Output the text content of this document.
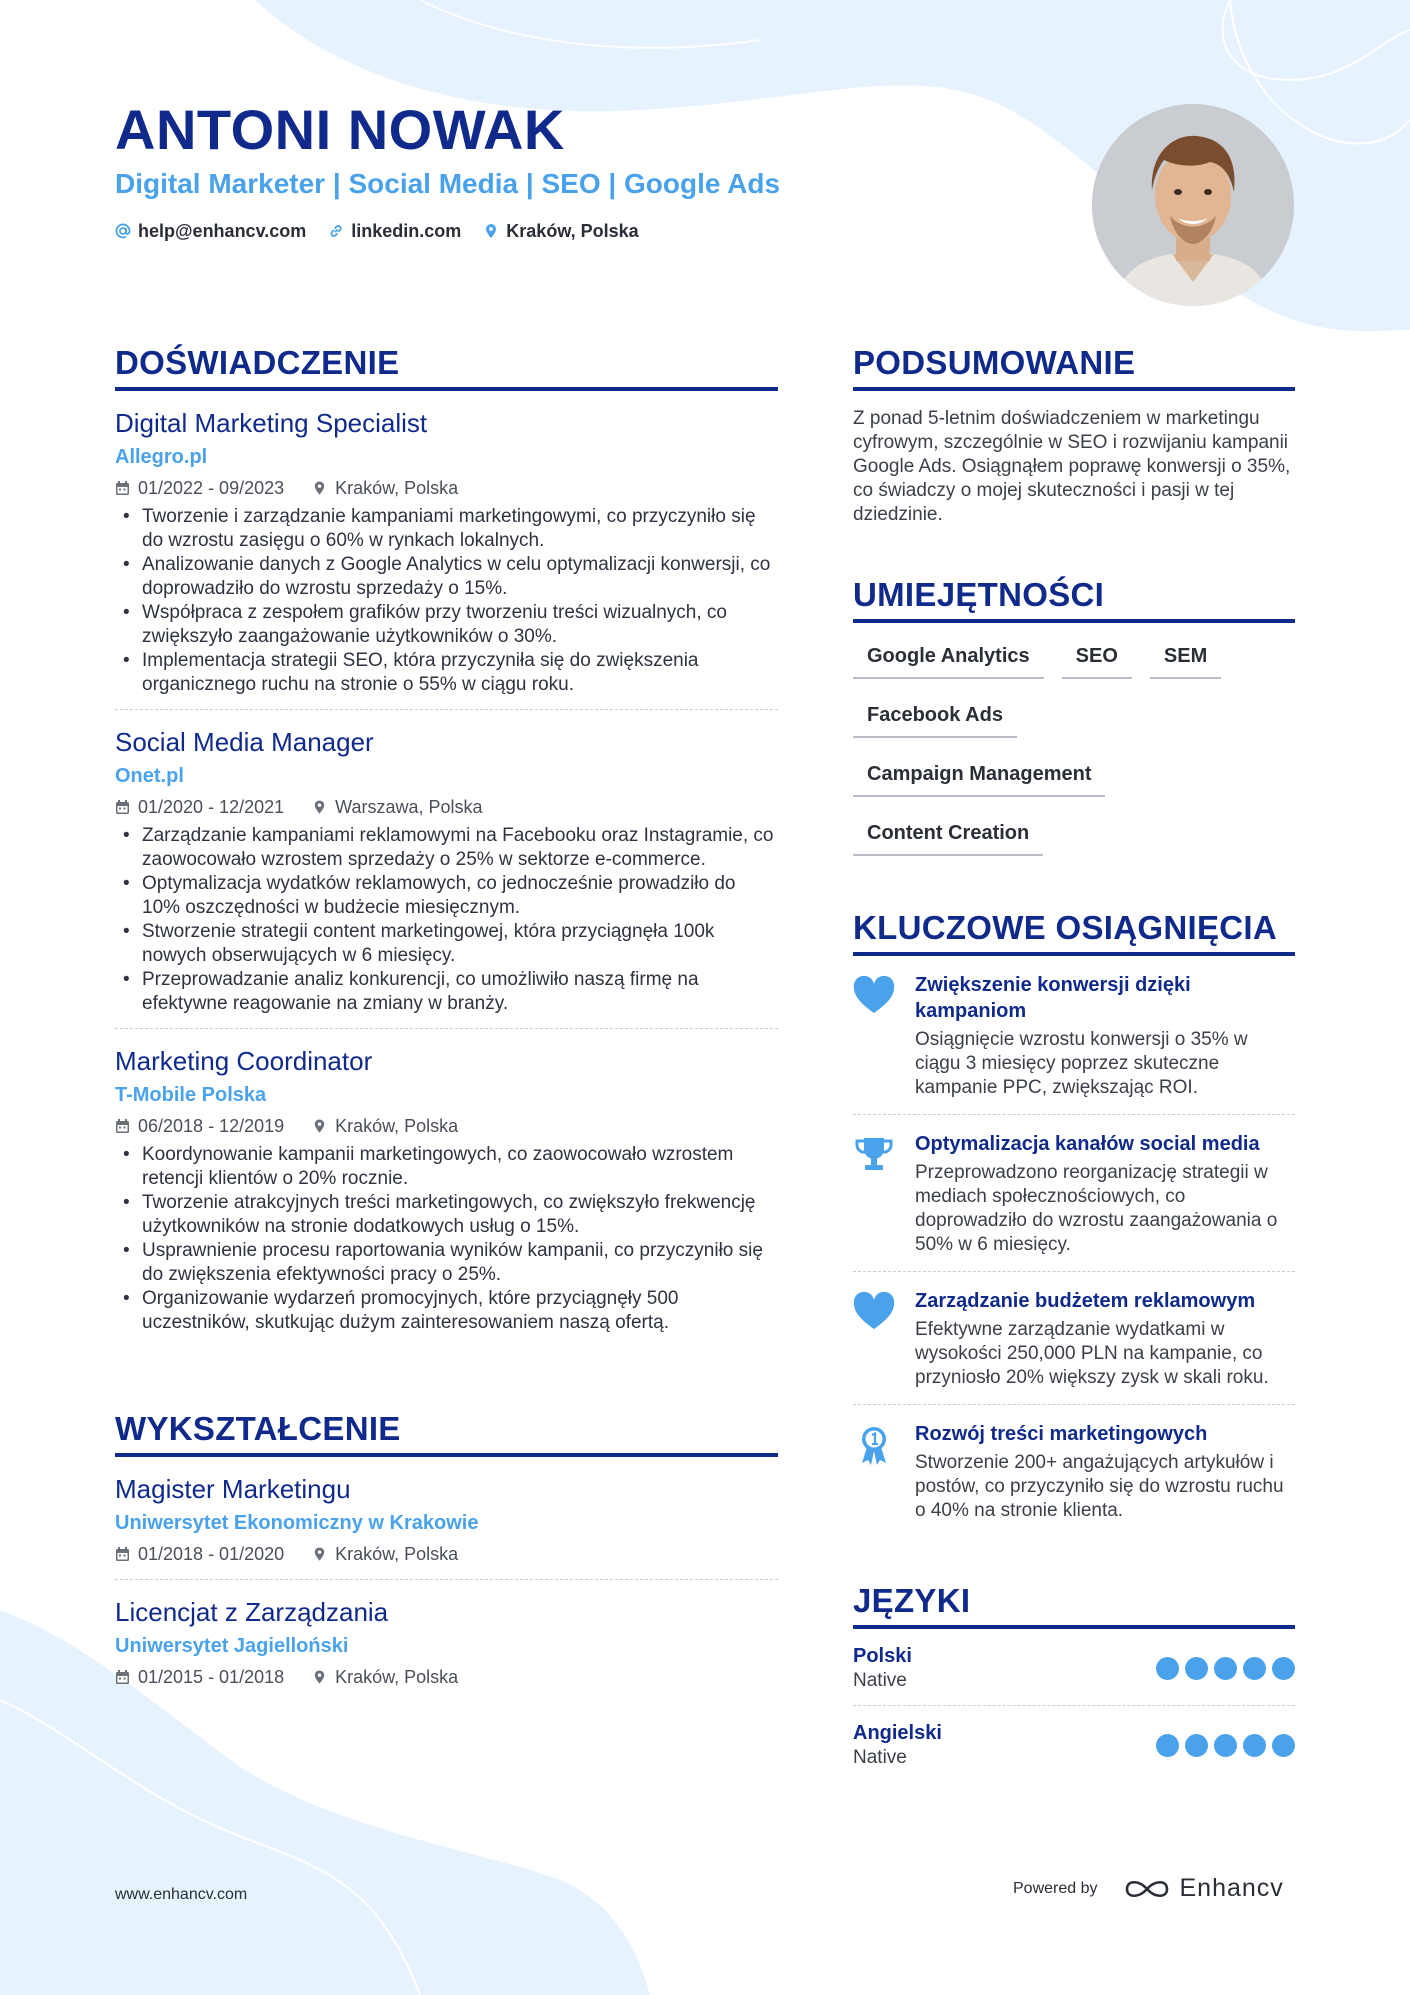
ANTONI NOWAK
Digital Marketer | Social Media | SEO | Google Ads
help@enhancv.com	linkedin.com	Kraków, Polska
DOŚWIADCZENIE
Digital Marketing Specialist
Allegro.pl
01/2022 - 09/2023	Kraków, Polska
• Tworzenie i zarządzanie kampaniami marketingowymi, co przyczyniło się do wzrostu zasięgu o 60% w rynkach lokalnych.
• Analizowanie danych z Google Analytics w celu optymalizacji konwersji, co doprowadziło do wzrostu sprzedaży o 15%.
• Współpraca z zespołem grafików przy tworzeniu treści wizualnych, co zwiększyło zaangażowanie użytkowników o 30%.
• Implementacja strategii SEO, która przyczyniła się do zwiększenia organicznego ruchu na stronie o 55% w ciągu roku.
Social Media Manager
Onet.pl
01/2020 - 12/2021	Warszawa, Polska
• Zarządzanie kampaniami reklamowymi na Facebooku oraz Instagramie, co zaowocowało wzrostem sprzedaży o 25% w sektorze e-commerce.
• Optymalizacja wydatków reklamowych, co jednocześnie prowadziło do 10% oszczędności w budżecie miesięcznym.
• Stworzenie strategii content marketingowej, która przyciągnęła 100k nowych obserwujących w 6 miesięcy.
• Przeprowadzanie analiz konkurencji, co umożliwiło naszą firmę na efektywne reagowanie na zmiany w branży.
Marketing Coordinator
T-Mobile Polska
06/2018 - 12/2019	Kraków, Polska
• Koordynowanie kampanii marketingowych, co zaowocowało wzrostem retencji klientów o 20% rocznie.
• Tworzenie atrakcyjnych treści marketingowych, co zwiększyło frekwencję użytkowników na stronie dodatkowych usług o 15%.
• Usprawnienie procesu raportowania wyników kampanii, co przyczyniło się do zwiększenia efektywności pracy o 25%.
• Organizowanie wydarzeń promocyjnych, które przyciągnęły 500 uczestników, skutkując dużym zainteresowaniem naszą ofertą.
WYKSZTAŁCENIE
Magister Marketingu
Uniwersytet Ekonomiczny w Krakowie
01/2018 - 01/2020	Kraków, Polska
Licencjat z Zarządzania
Uniwersytet Jagielloński
01/2015 - 01/2018	Kraków, Polska
PODSUMOWANIE
Z ponad 5-letnim doświadczeniem w marketingu cyfrowym, szczególnie w SEO i rozwijaniu kampanii Google Ads. Osiągnąłem poprawę konwersji o 35%, co świadczy o mojej skuteczności i pasji w tej dziedzinie.
UMIEJĘTNOŚCI
Google Analytics	SEO	SEM
Facebook Ads
Campaign Management
Content Creation
KLUCZOWE OSIĄGNIĘCIA
Zwiększenie konwersji dzięki kampaniom
Osiągnięcie wzrostu konwersji o 35% w ciągu 3 miesięcy poprzez skuteczne kampanie PPC, zwiększając ROI.
Optymalizacja kanałów social media
Przeprowadzono reorganizację strategii w mediach społecznościowych, co doprowadziło do wzrostu zaangażowania o 50% w 6 miesięcy.
Zarządzanie budżetem reklamowym
Efektywne zarządzanie wydatkami w wysokości 250,000 PLN na kampanie, co przyniosło 20% większy zysk w skali roku.
Rozwój treści marketingowych
Stworzenie 200+ angażujących artykułów i postów, co przyczyniło się do wzrostu ruchu o 40% na stronie klienta.
JĘZYKI
Polski
Native
Angielski
Native
www.enhancv.com	Powered by	Enhancv
